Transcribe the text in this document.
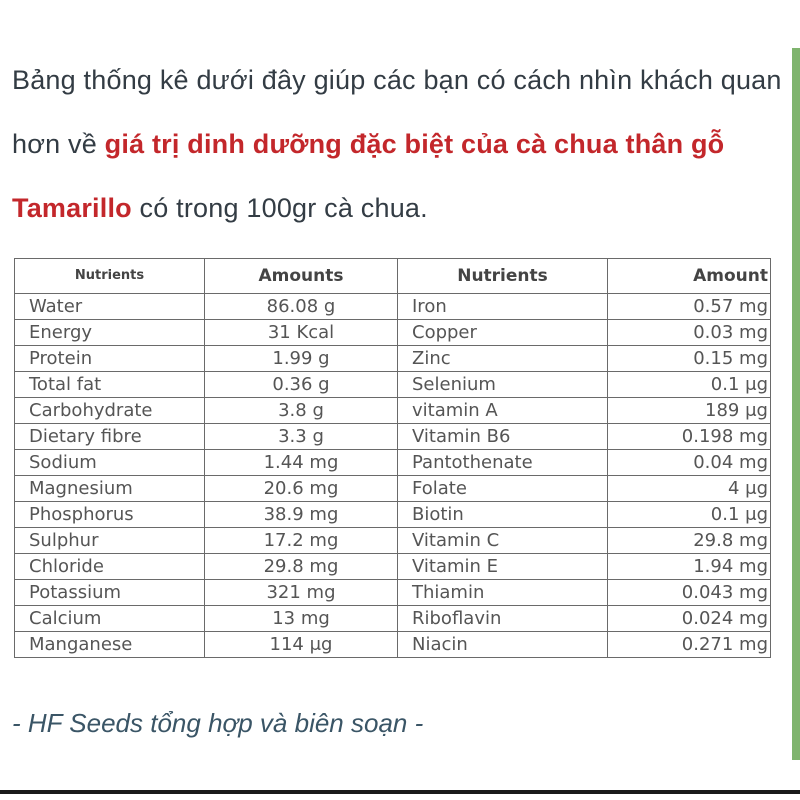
Bảng thống kê dưới đây giúp các bạn có cách nhìn khách quan hơn về giá trị dinh dưỡng đặc biệt của cà chua thân gỗ Tamarillo có trong 100gr cà chua.

Nutrients	Amounts	Nutrients	Amount
Water	86.08 g	Iron	0.57 mg
Energy	31 Kcal	Copper	0.03 mg
Protein	1.99 g	Zinc	0.15 mg
Total fat	0.36 g	Selenium	0.1 μg
Carbohydrate	3.8 g	vitamin A	189 μg
Dietary fibre	3.3 g	Vitamin B6	0.198 mg
Sodium	1.44 mg	Pantothenate	0.04 mg
Magnesium	20.6 mg	Folate	4 μg
Phosphorus	38.9 mg	Biotin	0.1 μg
Sulphur	17.2 mg	Vitamin C	29.8 mg
Chloride	29.8 mg	Vitamin E	1.94 mg
Potassium	321 mg	Thiamin	0.043 mg
Calcium	13 mg	Riboflavin	0.024 mg
Manganese	114 μg	Niacin	0.271 mg

- HF Seeds tổng hợp và biên soạn -
